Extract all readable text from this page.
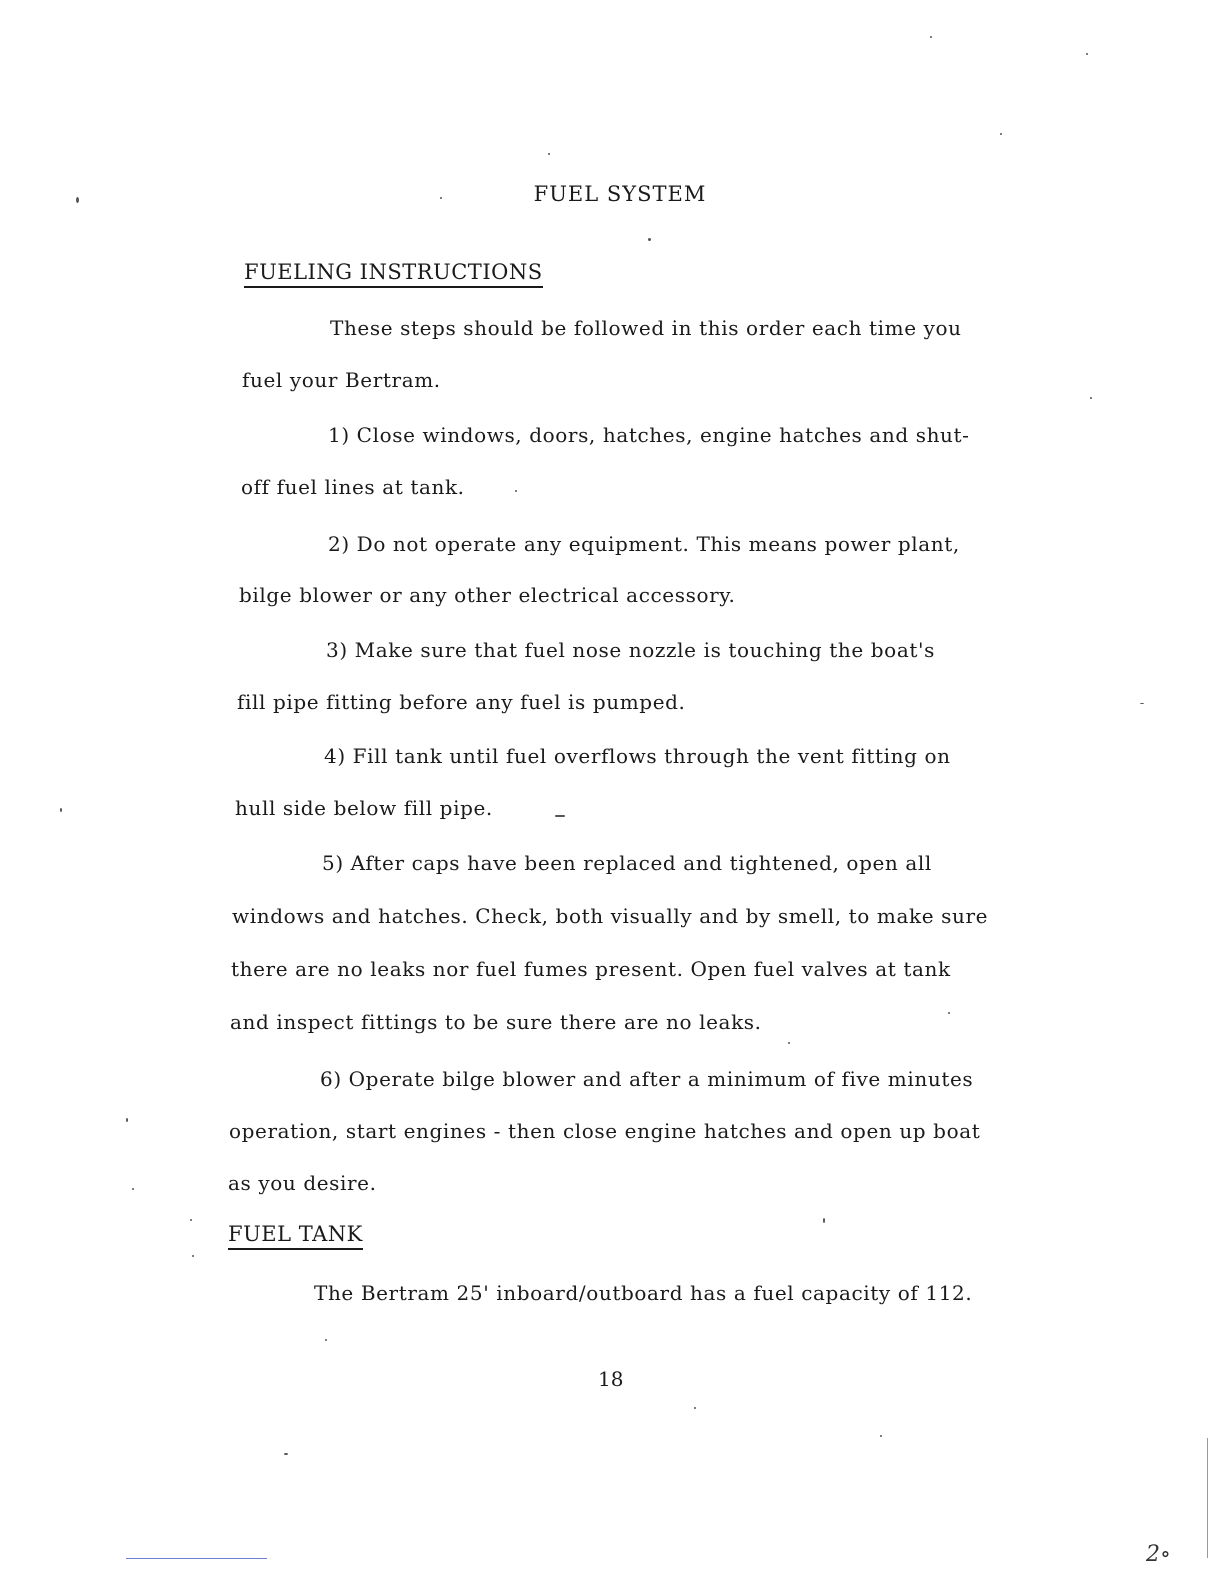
FUEL SYSTEM
FUELING INSTRUCTIONS
These steps should be followed in this order each time you
fuel your Bertram.
1) Close windows, doors, hatches, engine hatches and shut-
off fuel lines at tank.
2) Do not operate any equipment. This means power plant,
bilge blower or any other electrical accessory.
3) Make sure that fuel nose nozzle is touching the boat's
fill pipe fitting before any fuel is pumped.
4) Fill tank until fuel overflows through the vent fitting on
hull side below fill pipe.
5) After caps have been replaced and tightened, open all
windows and hatches. Check, both visually and by smell, to make sure
there are no leaks nor fuel fumes present. Open fuel valves at tank
and inspect fittings to be sure there are no leaks.
6) Operate bilge blower and after a minimum of five minutes
operation, start engines - then close engine hatches and open up boat
as you desire.
FUEL TANK
The Bertram 25' inboard/outboard has a fuel capacity of 112.
18
2∘
